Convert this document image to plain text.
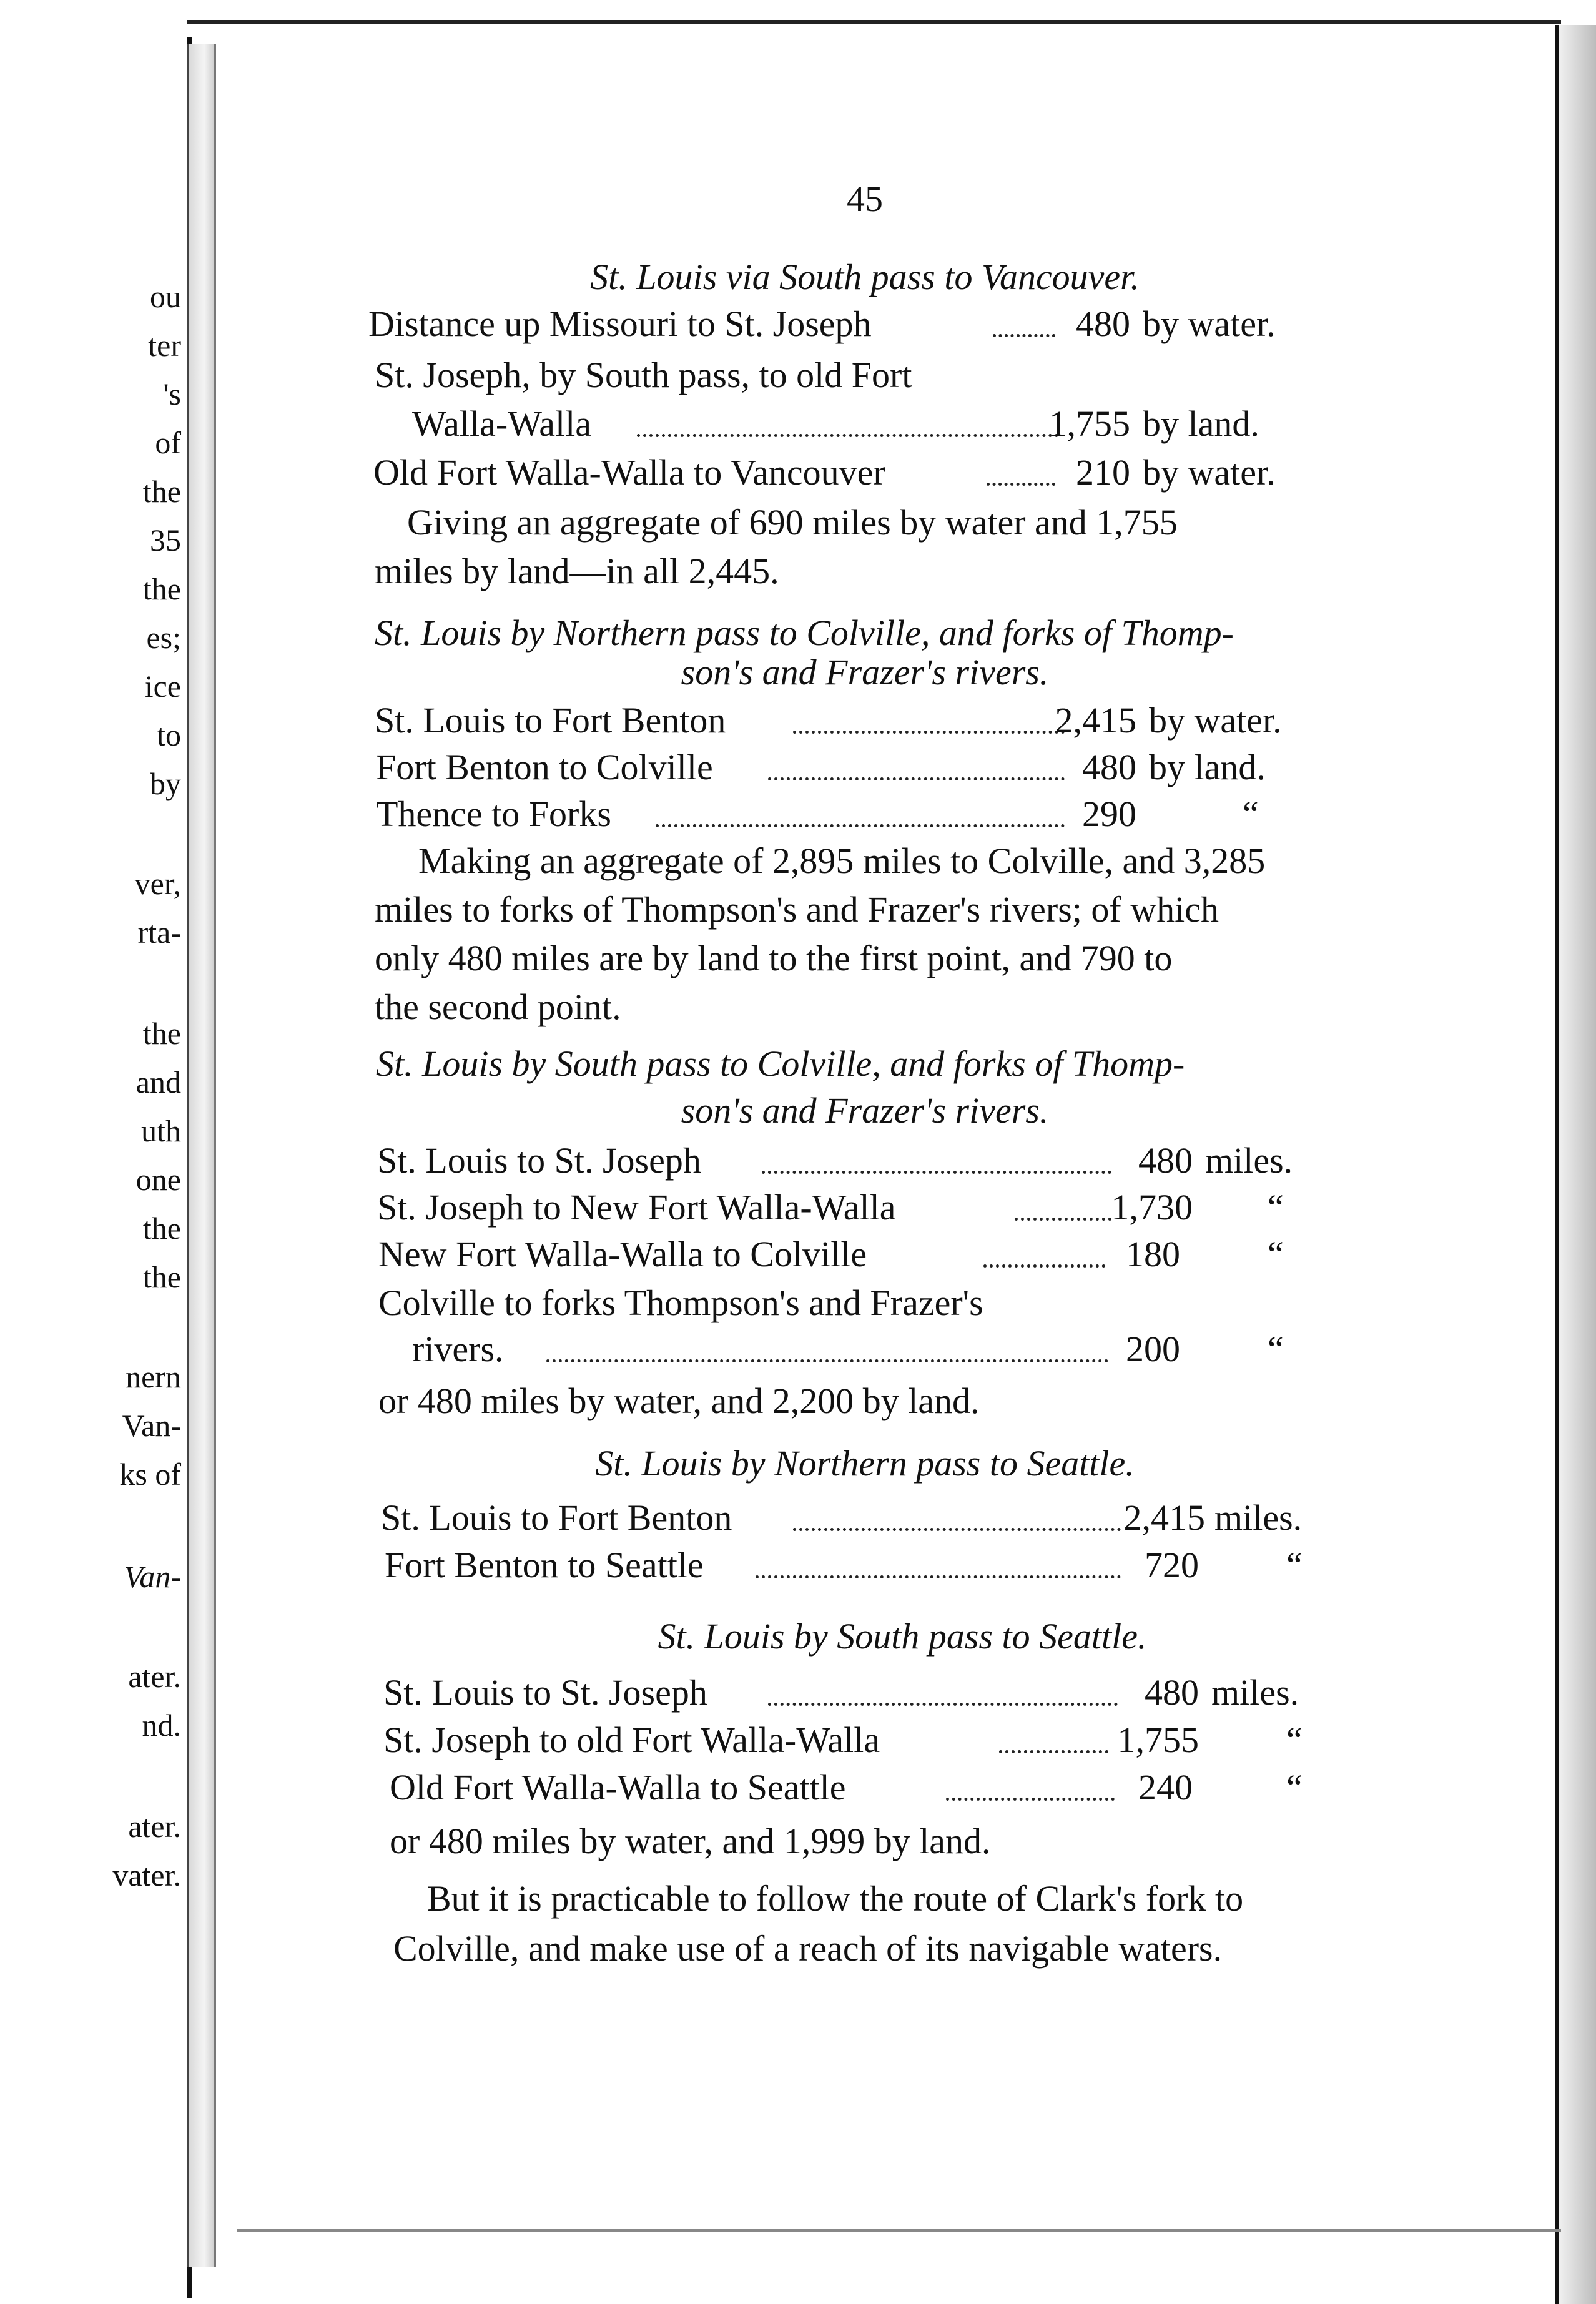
ou
ter
's
of
the
35
the
es;
ice
to
by
ver,
rta-
the
and
uth
one
the
the
nern
Van-
ks of
Van-
ater.
nd.
ater.
vater.
45
St. Louis via South pass to Vancouver.
Distance up Missouri to St. Joseph	480 by water.
St. Joseph, by South pass, to old Fort
Walla-Walla	1,755 by land.
Old Fort Walla-Walla to Vancouver	210 by water.
Giving an aggregate of 690 miles by water and 1,755
miles by land—in all 2,445.
St. Louis by Northern pass to Colville, and forks of Thomp-
son's and Frazer's rivers.
St. Louis to Fort Benton	2,415 by water.
Fort Benton to Colville	480 by land.
Thence to Forks	290	“
Making an aggregate of 2,895 miles to Colville, and 3,285
miles to forks of Thompson's and Frazer's rivers; of which
only 480 miles are by land to the first point, and 790 to
the second point.
St. Louis by South pass to Colville, and forks of Thomp-
son's and Frazer's rivers.
St. Louis to St. Joseph	480 miles.
St. Joseph to New Fort Walla-Walla	1,730 “
New Fort Walla-Walla to Colville	180 “
Colville to forks Thompson's and Frazer's
rivers.	200 “
or 480 miles by water, and 2,200 by land.
St. Louis by Northern pass to Seattle.
St. Louis to Fort Benton	2,415 miles.
Fort Benton to Seattle	720 “
St. Louis by South pass to Seattle.
St. Louis to St. Joseph	480 miles.
St. Joseph to old Fort Walla-Walla	1,755 “
Old Fort Walla-Walla to Seattle	240	“
or 480 miles by water, and 1,999 by land.
But it is practicable to follow the route of Clark's fork to
Colville, and make use of a reach of its navigable waters.
